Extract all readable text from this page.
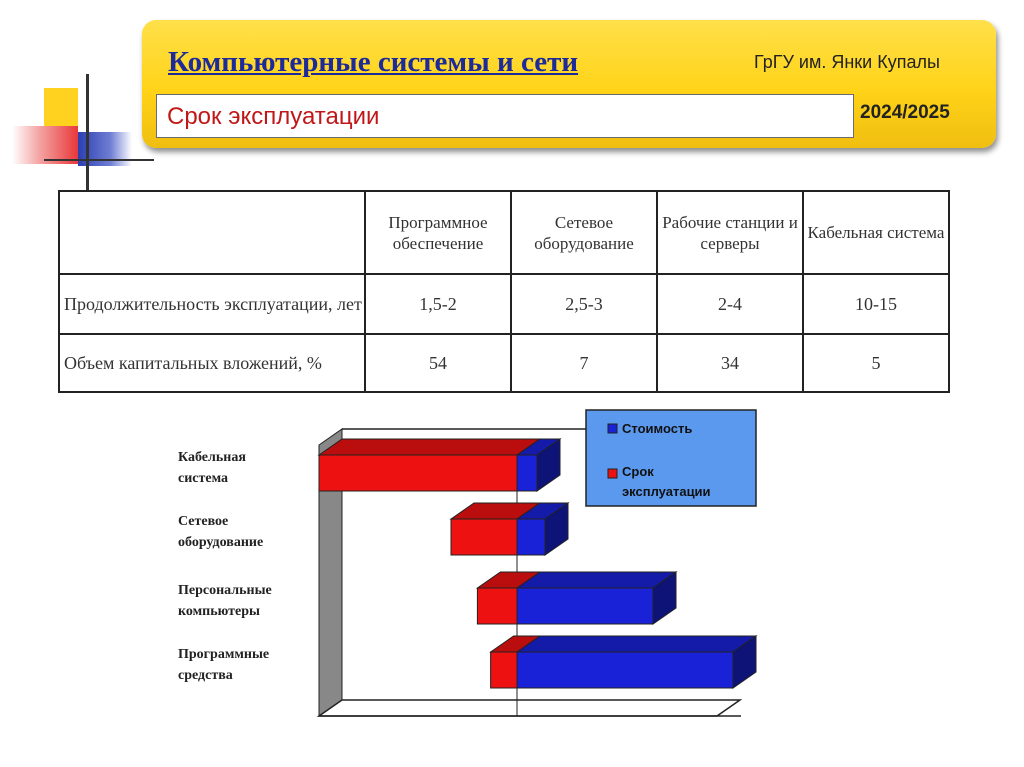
Компьютерные системы и сети	ГрГУ им. Янки Купалы
Срок эксплуатации	2024/2025
	Программное обеспечение	Сетевое оборудование	Рабочие станции и серверы	Кабельная система
Продолжительность эксплуатации, лет	1,5-2	2,5-3	2-4	10-15
Объем капитальных вложений, %	54	7	34	5
Кабельная
система
Сетевое
оборудование
Персональные
компьютеры
Программные
средства
Стоимость
Срок
эксплуатации
